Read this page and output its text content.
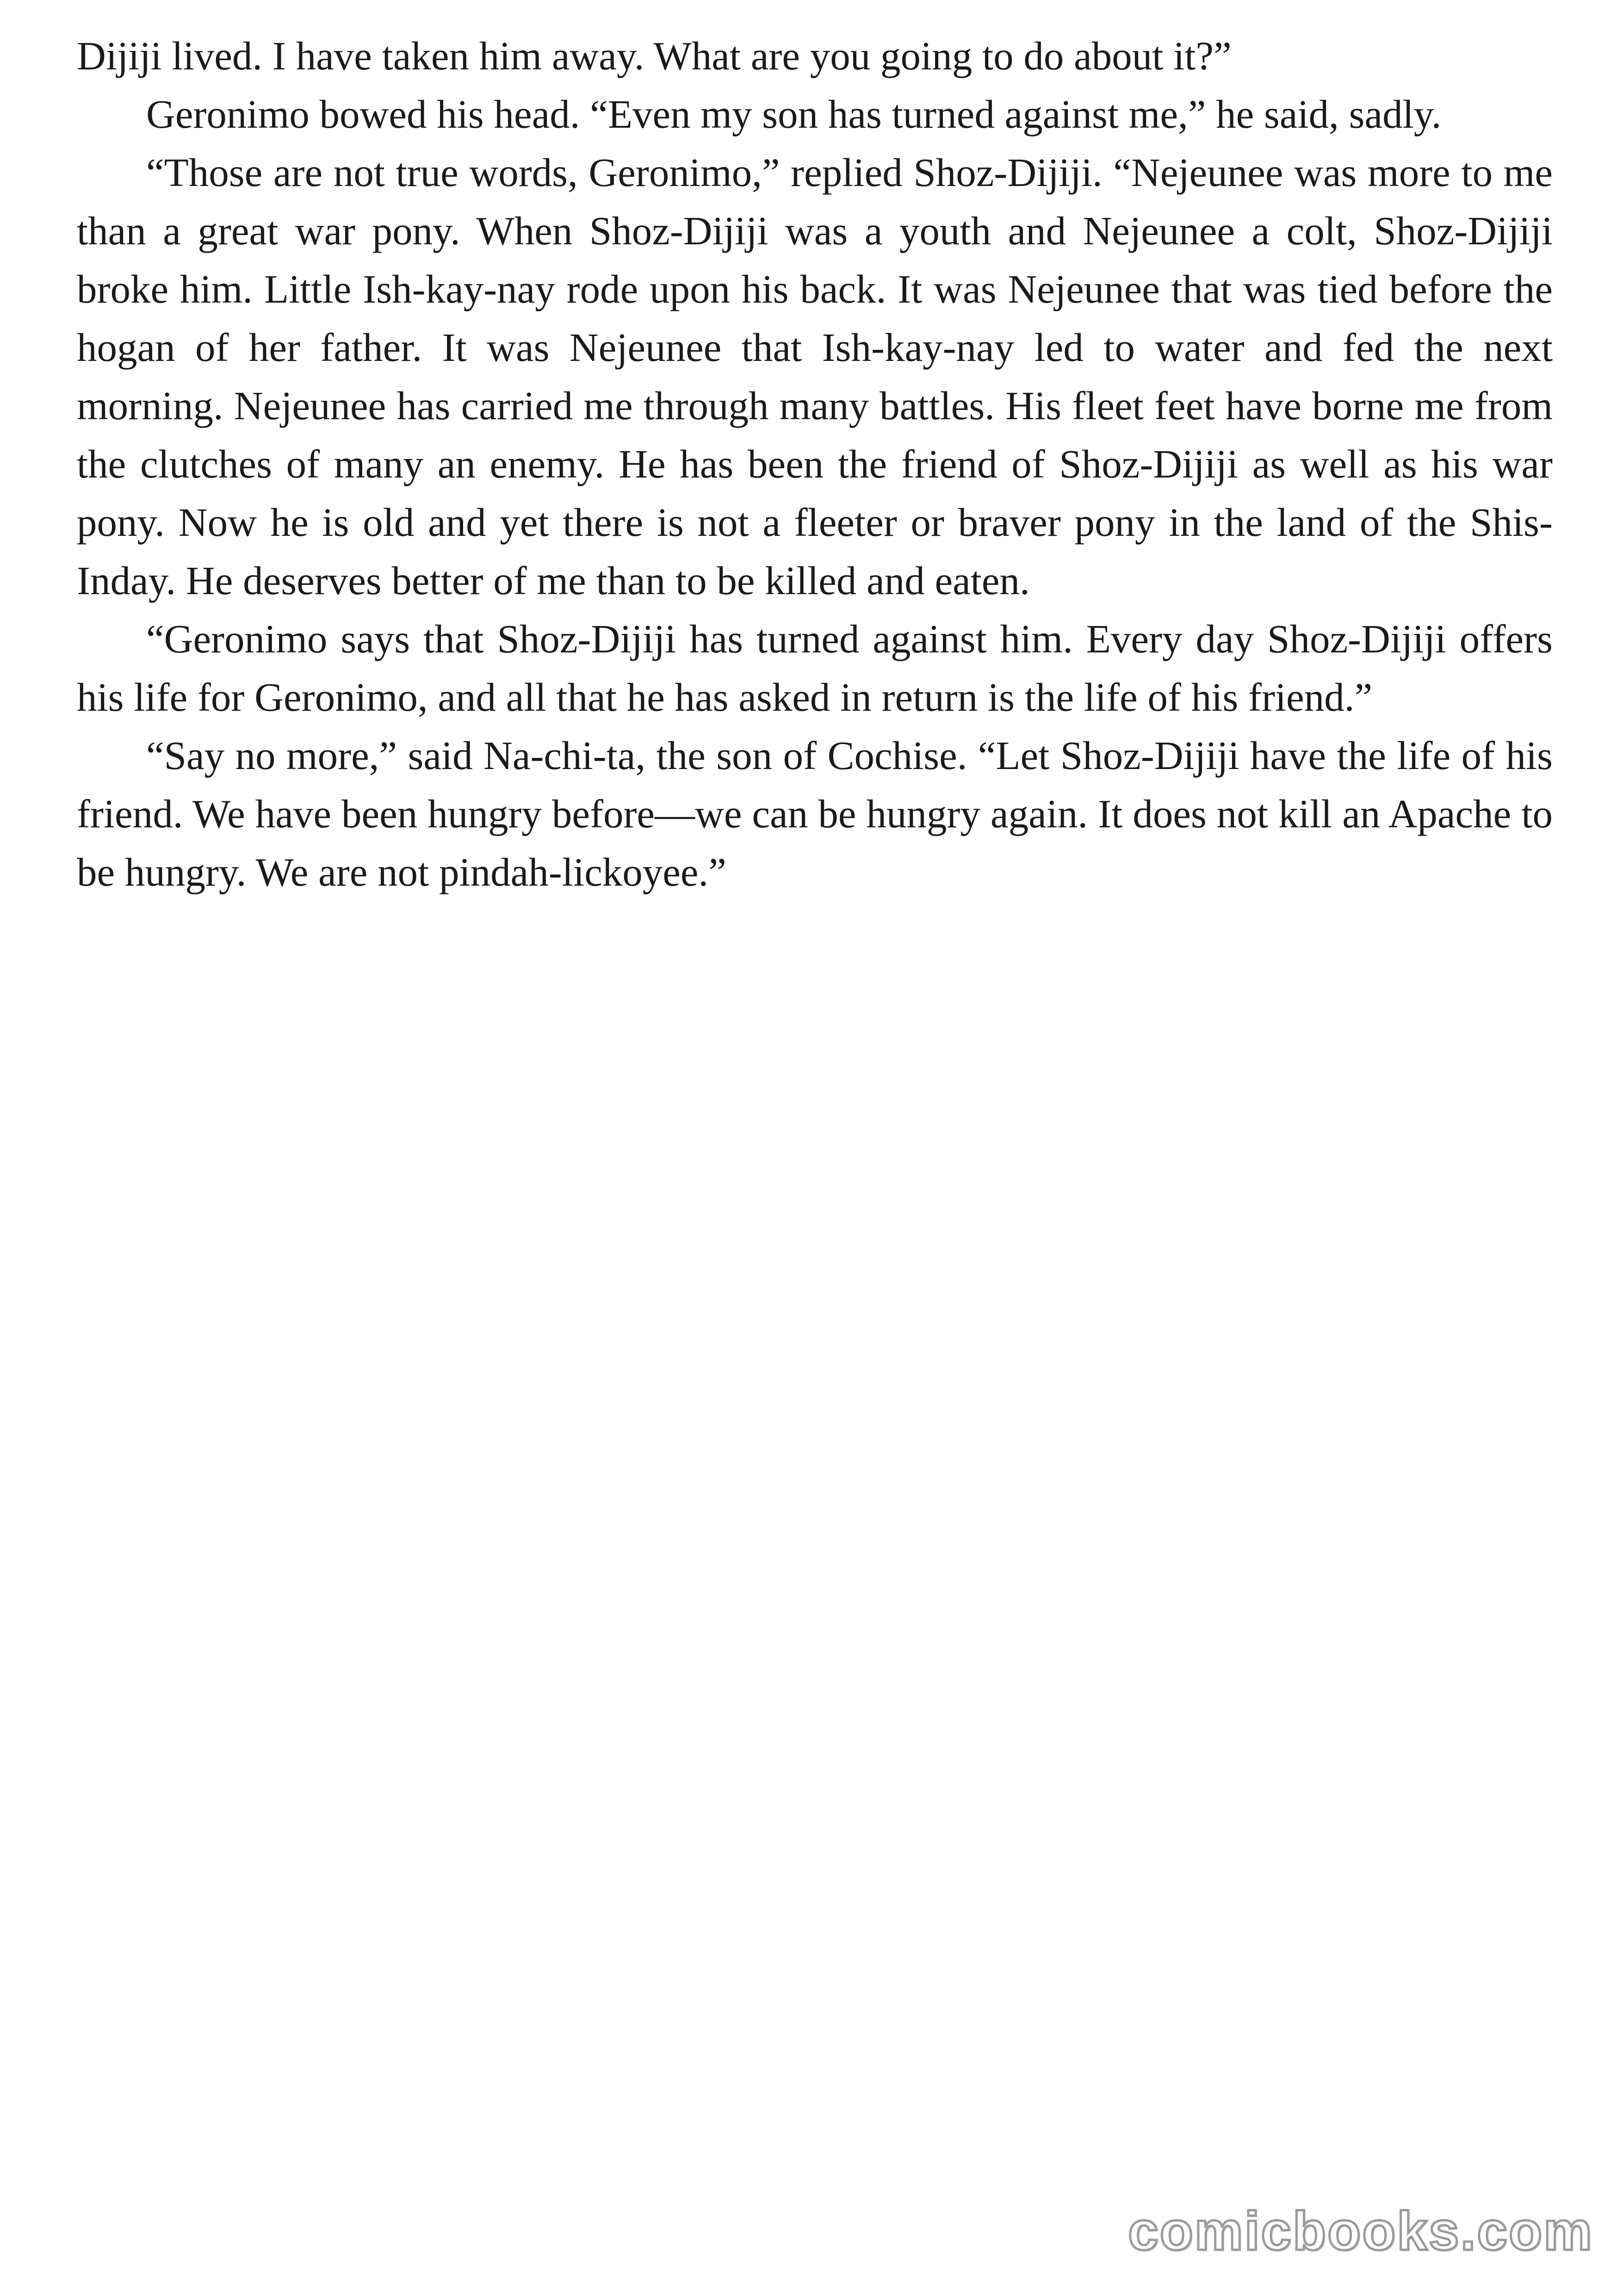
Dijiji lived. I have taken him away. What are you going to do about it?”

Geronimo bowed his head. “Even my son has turned against me,” he said, sadly.

“Those are not true words, Geronimo,” replied Shoz-Dijiji. “Nejeunee was more to me than a great war pony. When Shoz-Dijiji was a youth and Nejeunee a colt, Shoz-Dijiji broke him. Little Ish-kay-nay rode upon his back. It was Nejeunee that was tied before the hogan of her father. It was Nejeunee that Ish-kay-nay led to water and fed the next morning. Nejeunee has carried me through many battles. His fleet feet have borne me from the clutches of many an enemy. He has been the friend of Shoz-Dijiji as well as his war pony. Now he is old and yet there is not a fleeter or braver pony in the land of the Shis-Inday. He deserves better of me than to be killed and eaten.

“Geronimo says that Shoz-Dijiji has turned against him. Every day Shoz-Dijiji offers his life for Geronimo, and all that he has asked in return is the life of his friend.”

“Say no more,” said Na-chi-ta, the son of Cochise. “Let Shoz-Dijiji have the life of his friend. We have been hungry before—we can be hungry again. It does not kill an Apache to be hungry. We are not pindah-lickoyee.”

comicbooks.com
